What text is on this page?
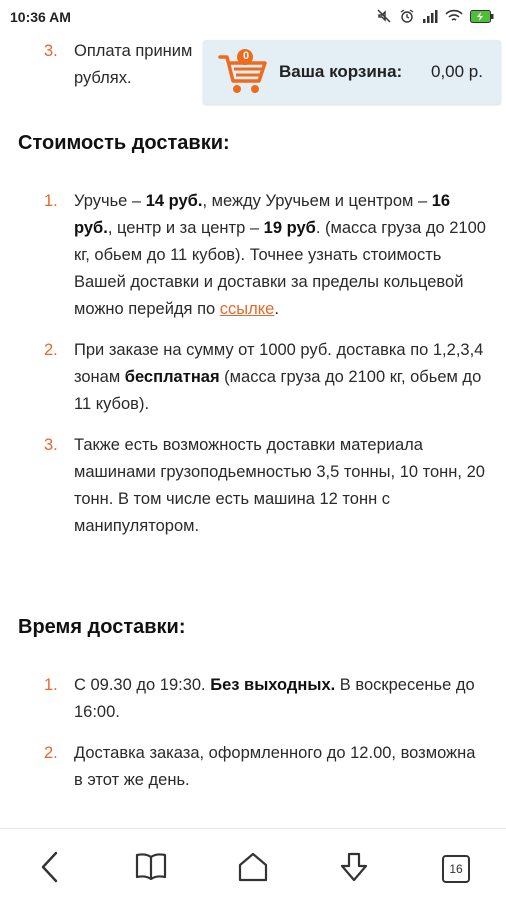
10:36 AM
3. Оплата приним
рублях.
Стоимость доставки:
1. Уручье – 14 руб., между Уручьем и центром – 16 руб., центр и за центр – 19 руб. (масса груза до 2100 кг, обьем до 11 кубов). Точнее узнать стоимость Вашей доставки и доставки за пределы кольцевой можно перейдя по ссылке.
2. При заказе на сумму от 1000 руб. доставка по 1,2,3,4 зонам бесплатная (масса груза до 2100 кг, обьем до 11 кубов).
3. Также есть возможность доставки материала машинами грузоподьемностью 3,5 тонны, 10 тонн, 20 тонн. В том числе есть машина 12 тонн с манипулятором.
Время доставки:
1. С 09.30 до 19:30. Без выходных. В воскресенье до 16:00.
2. Доставка заказа, оформленного до 12.00, возможна в этот же день.
0
Ваша корзина: 0,00 р.
16
